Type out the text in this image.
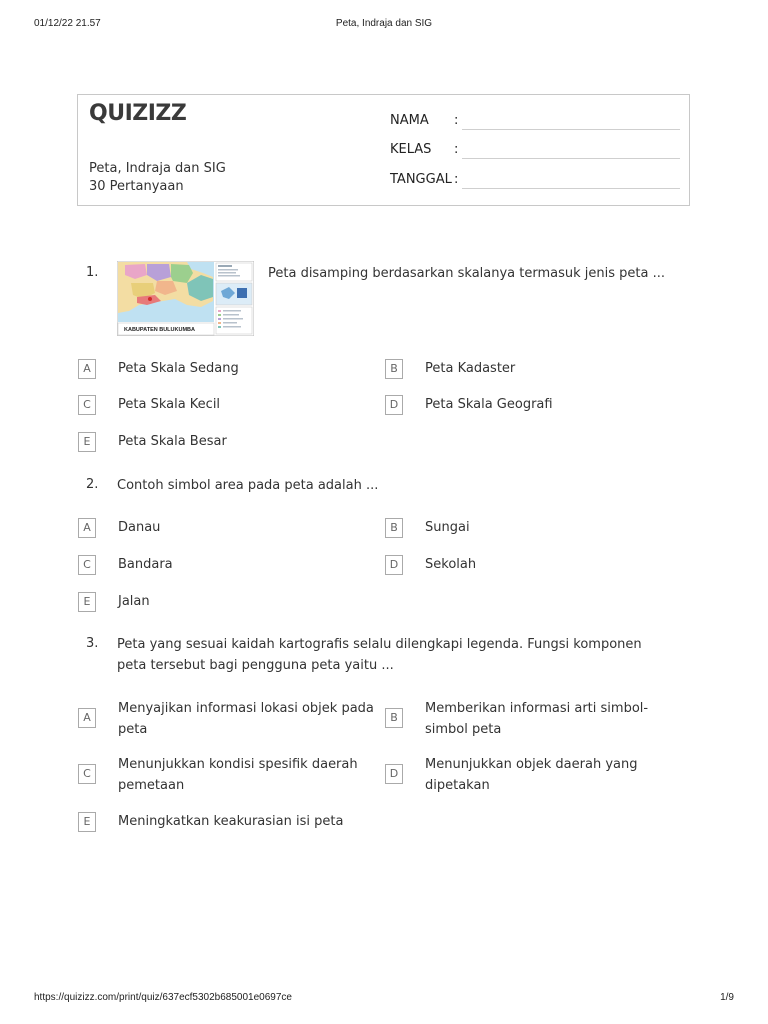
01/12/22 21.57	Peta, Indraja dan SIG
QUIZIZZ
Peta, Indraja dan SIG
30 Pertanyaan
NAMA :
KELAS :
TANGGAL :
1.
KABUPATEN BULUKUMBA
Peta disamping berdasarkan skalanya termasuk jenis peta ...
A	Peta Skala Sedang	B	Peta Kadaster
C	Peta Skala Kecil	D	Peta Skala Geografi
E	Peta Skala Besar
2. Contoh simbol area pada peta adalah ...
A	Danau	B	Sungai
C	Bandara	D	Sekolah
E	Jalan
3. Peta yang sesuai kaidah kartografis selalu dilengkapi legenda. Fungsi komponen peta tersebut bagi pengguna peta yaitu ...
A
Menyajikan informasi lokasi objek pada peta
B
Memberikan informasi arti simbol-simbol peta
C
Menunjukkan kondisi spesifik daerah pemetaan
D
Menunjukkan objek daerah yang dipetakan
E	Meningkatkan keakurasian isi peta
https://quizizz.com/print/quiz/637ecf5302b685001e0697ce	1/9
